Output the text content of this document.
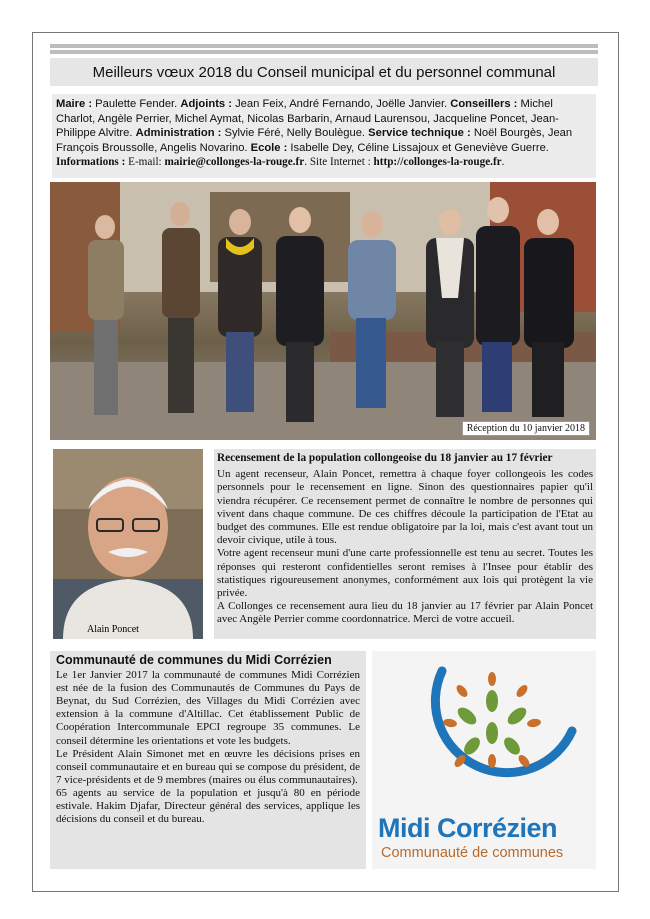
Meilleurs vœux 2018 du Conseil municipal et du personnel communal
Maire : Paulette Fender. Adjoints : Jean Feix, André Fernando, Joëlle Janvier. Conseillers : Michel Charlot, Angèle Perrier, Michel Aymat, Nicolas Barbarin, Arnaud Laurensou, Jacqueline Poncet, Jean-Philippe Alvitre. Administration : Sylvie Féré, Nelly Boulègue. Service technique : Noël Bourgès, Jean François Broussolle, Angelis Novarino. Ecole : Isabelle Dey, Céline Lissajoux et Geneviève Guerre.
Informations : E-mail: mairie@collonges-la-rouge.fr. Site Internet : http://collonges-la-rouge.fr.
Réception du 10 janvier 2018
Alain Poncet
Recensement de la population collongeoise du 18 janvier au 17 février

Un agent recenseur, Alain Poncet, remettra à chaque foyer collongeois les codes personnels pour le recensement en ligne. Sinon des questionnaires papier qu'il viendra récupérer. Ce recensement permet de connaître le nombre de personnes qui vivent dans chaque commune. De ces chiffres découle la participation de l'Etat au budget des communes. Elle est rendue obligatoire par la loi, mais c'est avant tout un devoir civique, utile à tous.

Votre agent recenseur muni d'une carte professionnelle est tenu au secret. Toutes les réponses qui resteront confidentielles seront remises à l'Insee pour établir des statistiques rigoureusement anonymes, conformément aux lois qui protègent la vie privée.

A Collonges ce recensement aura lieu du 18 janvier au 17 février par Alain Poncet avec Angèle Perrier comme coordonnatrice. Merci de votre accueil.

Communauté de communes du Midi Corrézien

Le 1er Janvier 2017 la communauté de communes Midi Corrézien est née de la fusion des Communautés de Communes du Pays de Beynat, du Sud Corrézien, des Villages du Midi Corrézien avec extension à la commune d'Altillac. Cet établissement Public de Coopération Intercommunale EPCI regroupe 35 communes. Le conseil détermine les orientations et vote les budgets.

Le Président Alain Simonet met en œuvre les décisions prises en conseil communautaire et en bureau qui se compose du président, de 7 vice-présidents et de 9 membres (maires ou élus communautaires).

65 agents au service de la population et jusqu'à 80 en période estivale. Hakim Djafar, Directeur général des services, applique les décisions du conseil et du bureau.	Midi Corrézien
Communauté de communes
